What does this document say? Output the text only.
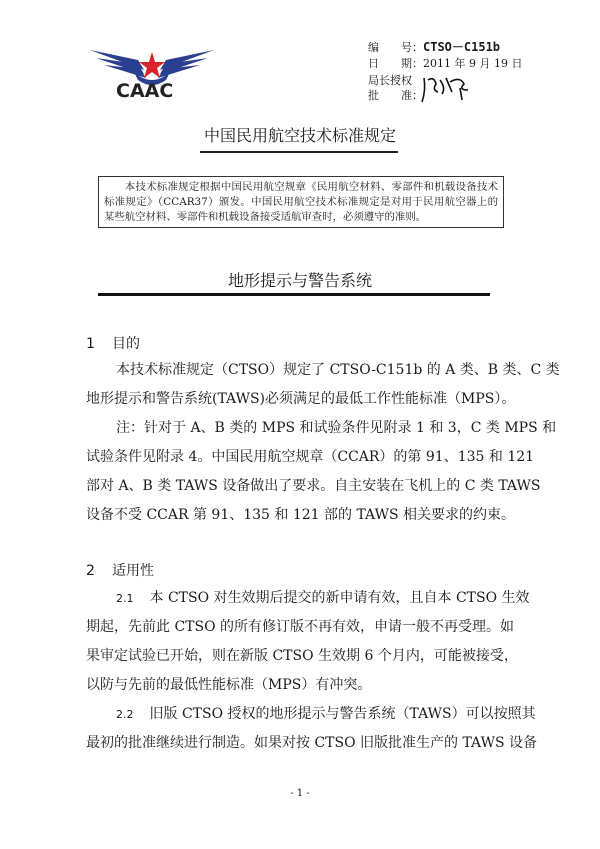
CAAC
编　　号：CTSO－C151b
日　　期：2011 年 9 月 19 日
局长授权
批　　准：
中国民用航空技术标准规定
本技术标准规定根据中国民用航空规章《民用航空材料、零部件和机载设备技术
标准规定》（CCAR37）颁发。中国民用航空技术标准规定是对用于民用航空器上的
某些航空材料、零部件和机载设备接受适航审查时，必须遵守的准则。
地形提示与警告系统
1 目的
本技术标准规定（CTSO）规定了 CTSO-C151b 的 A 类、B 类、C 类
地形提示和警告系统(TAWS)必须满足的最低工作性能标准（MPS）。
注：针对于 A、B 类的 MPS 和试验条件见附录 1 和 3，C 类 MPS 和
试验条件见附录 4。中国民用航空规章（CCAR）的第 91、135 和 121
部对 A、B 类 TAWS 设备做出了要求。自主安装在飞机上的 C 类 TAWS
设备不受 CCAR 第 91、135 和 121 部的 TAWS 相关要求的约束。
2 适用性
2.1 本 CTSO 对生效期后提交的新申请有效，且自本 CTSO 生效
期起，先前此 CTSO 的所有修订版不再有效，申请一般不再受理。如
果审定试验已开始，则在新版 CTSO 生效期 6 个月内，可能被接受，
以防与先前的最低性能标准（MPS）有冲突。
2.2 旧版 CTSO 授权的地形提示与警告系统（TAWS）可以按照其
最初的批准继续进行制造。如果对按 CTSO 旧版批准生产的 TAWS 设备
- 1 -
